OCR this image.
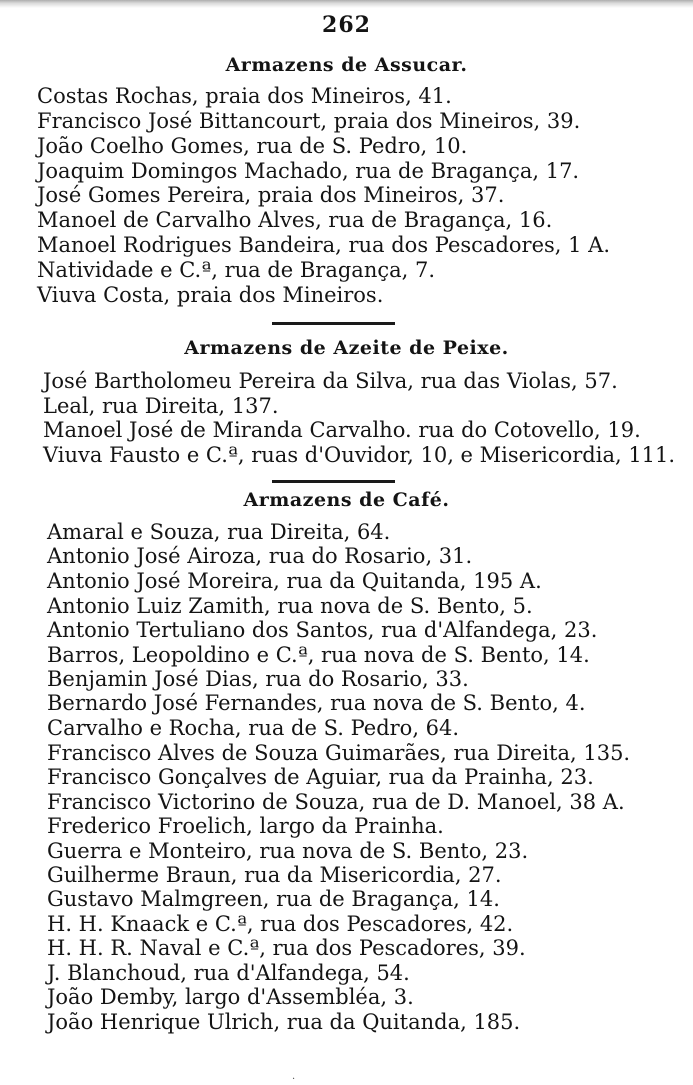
262
Armazens de Assucar.
Costas Rochas, praia dos Mineiros, 41.
Francisco José Bittancourt, praia dos Mineiros, 39.
João Coelho Gomes, rua de S. Pedro, 10.
Joaquim Domingos Machado, rua de Bragança, 17.
José Gomes Pereira, praia dos Mineiros, 37.
Manoel de Carvalho Alves, rua de Bragança, 16.
Manoel Rodrigues Bandeira, rua dos Pescadores, 1 A.
Natividade e C.ª, rua de Bragança, 7.
Viuva Costa, praia dos Mineiros.
Armazens de Azeite de Peixe.
José Bartholomeu Pereira da Silva, rua das Violas, 57.
Leal, rua Direita, 137.
Manoel José de Miranda Carvalho. rua do Cotovello, 19.
Viuva Fausto e C.ª, ruas d'Ouvidor, 10, e Misericordia, 111.
Armazens de Café.
Amaral e Souza, rua Direita, 64.
Antonio José Airoza, rua do Rosario, 31.
Antonio José Moreira, rua da Quitanda, 195 A.
Antonio Luiz Zamith, rua nova de S. Bento, 5.
Antonio Tertuliano dos Santos, rua d'Alfandega, 23.
Barros, Leopoldino e C.ª, rua nova de S. Bento, 14.
Benjamin José Dias, rua do Rosario, 33.
Bernardo José Fernandes, rua nova de S. Bento, 4.
Carvalho e Rocha, rua de S. Pedro, 64.
Francisco Alves de Souza Guimarães, rua Direita, 135.
Francisco Gonçalves de Aguiar, rua da Prainha, 23.
Francisco Victorino de Souza, rua de D. Manoel, 38 A.
Frederico Froelich, largo da Prainha.
Guerra e Monteiro, rua nova de S. Bento, 23.
Guilherme Braun, rua da Misericordia, 27.
Gustavo Malmgreen, rua de Bragança, 14.
H. H. Knaack e C.ª, rua dos Pescadores, 42.
H. H. R. Naval e C.ª, rua dos Pescadores, 39.
J. Blanchoud, rua d'Alfandega, 54.
João Demby, largo d'Assembléa, 3.
João Henrique Ulrich, rua da Quitanda, 185.
·
